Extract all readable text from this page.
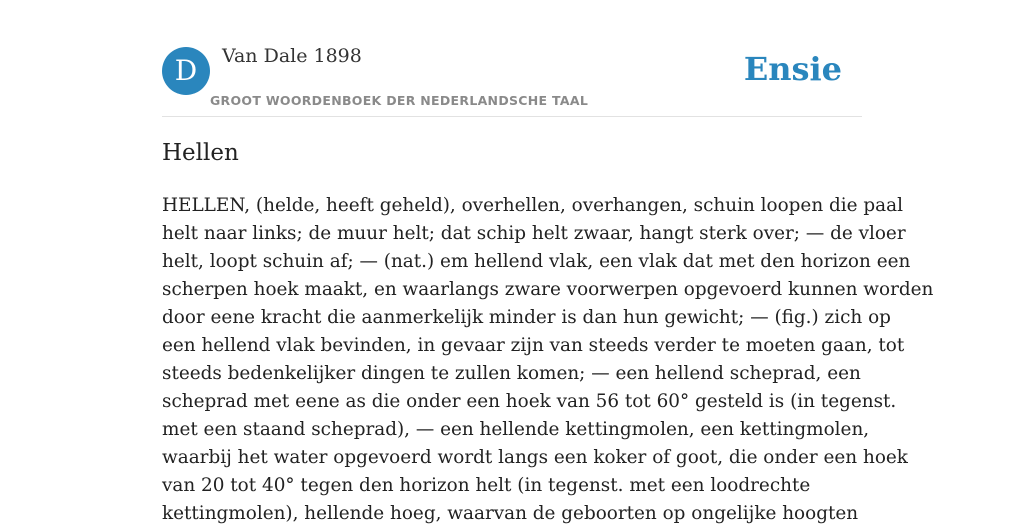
D	Van Dale 1898
GROOT WOORDENBOEK DER NEDERLANDSCHE TAAL
Ensie
Hellen

HELLEN, (helde, heeft geheld), overhellen, overhangen, schuin loopen die paal
helt naar links; de muur helt; dat schip helt zwaar, hangt sterk over; — de vloer
helt, loopt schuin af; — (nat.) em hellend vlak, een vlak dat met den horizon een
scherpen hoek maakt, en waarlangs zware voorwerpen opgevoerd kunnen worden
door eene kracht die aanmerkelijk minder is dan hun gewicht; — (fig.) zich op
een hellend vlak bevinden, in gevaar zijn van steeds verder te moeten gaan, tot
steeds bedenkelijker dingen te zullen komen; — een hellend scheprad, een
scheprad met eene as die onder een hoek van 56 tot 60° gesteld is (in tegenst.
met een staand scheprad), — een hellende kettingmolen, een kettingmolen,
waarbij het water opgevoerd wordt langs een koker of goot, die onder een hoek
van 20 tot 40° tegen den horizon helt (in tegenst. met een loodrechte
kettingmolen), hellende hoeg, waarvan de geboorten op ongelijke hoogten
